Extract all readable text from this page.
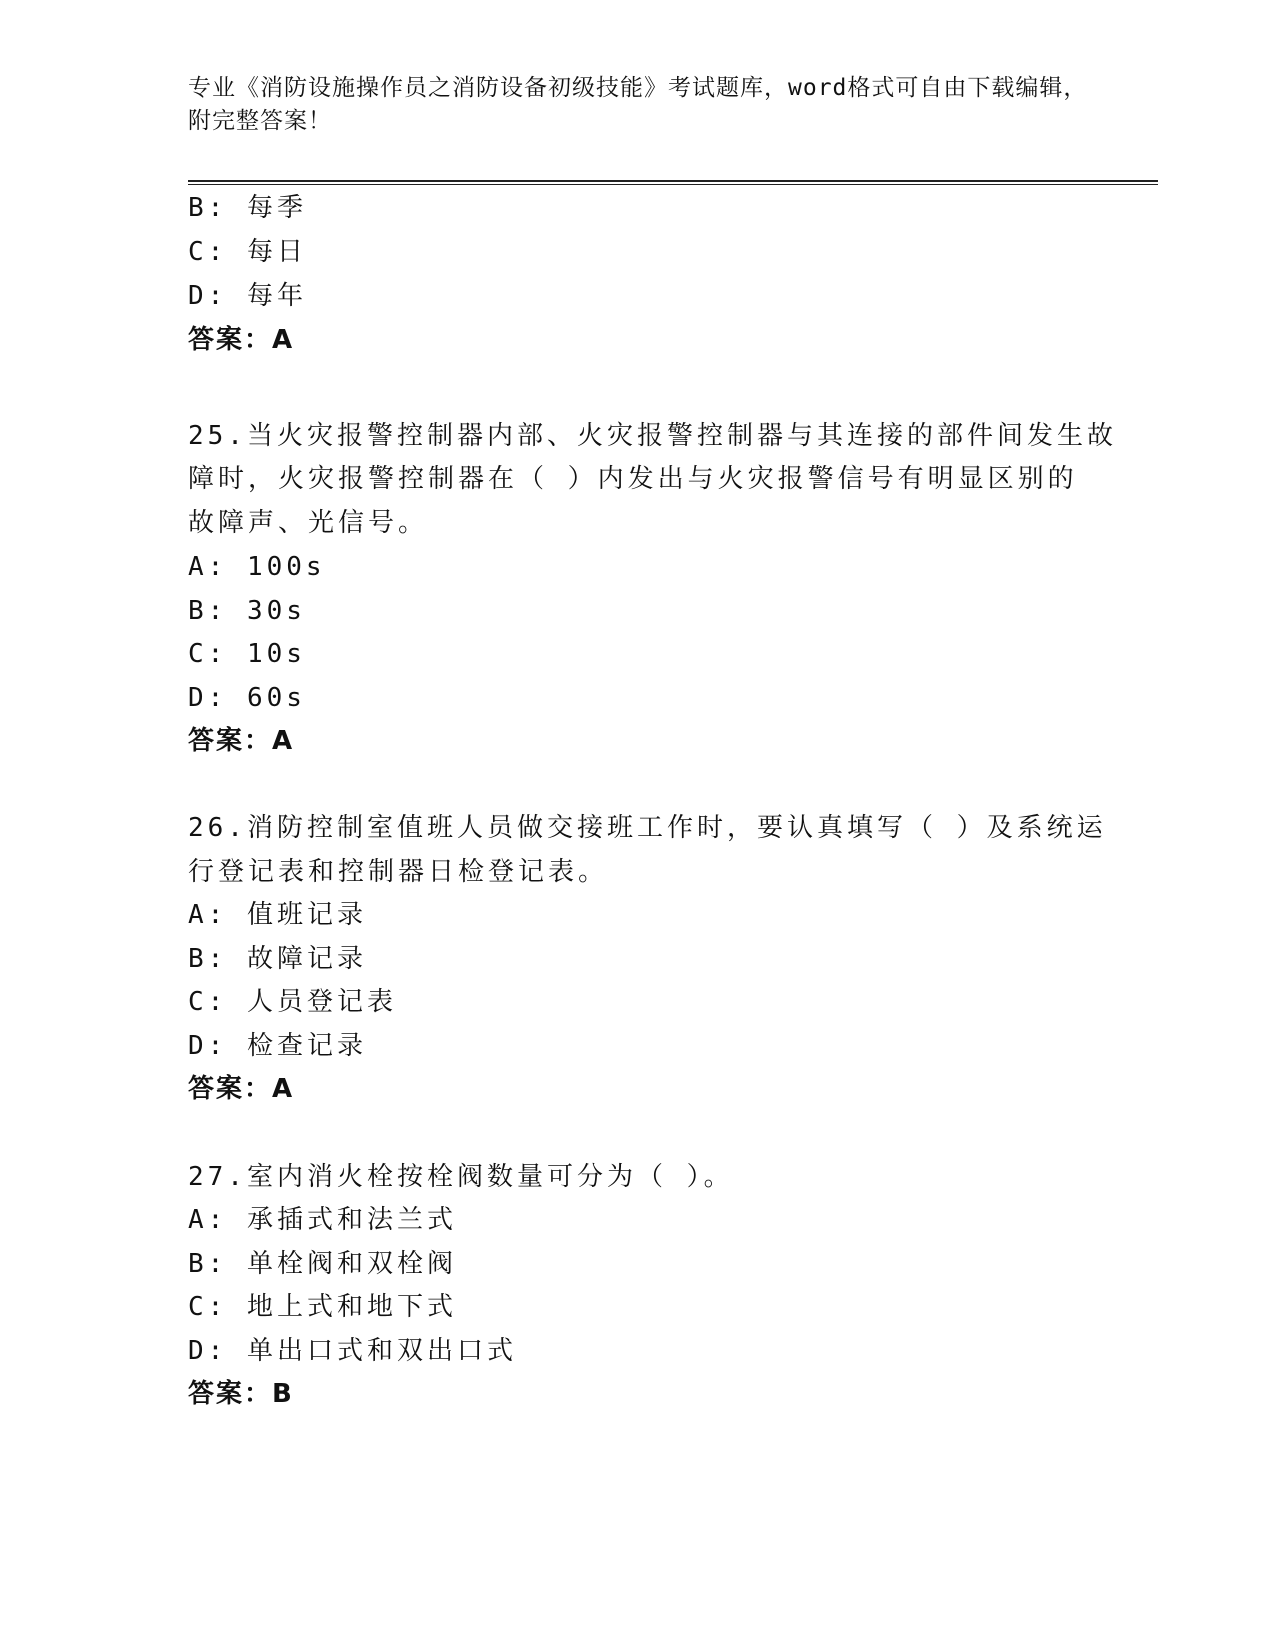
专业《消防设施操作员之消防设备初级技能》考试题库，word格式可自由下载编辑，附完整答案！
B: 每季
C: 每日
D: 每年
答案：A
25.当火灾报警控制器内部、火灾报警控制器与其连接的部件间发生故
障时，火灾报警控制器在（ ）内发出与火灾报警信号有明显区别的
故障声、光信号。
A: 100s
B: 30s
C: 10s
D: 60s
答案：A
26.消防控制室值班人员做交接班工作时，要认真填写（ ）及系统运
行登记表和控制器日检登记表。
A: 值班记录
B: 故障记录
C: 人员登记表
D: 检查记录
答案：A
27.室内消火栓按栓阀数量可分为（ ）。
A: 承插式和法兰式
B: 单栓阀和双栓阀
C: 地上式和地下式
D: 单出口式和双出口式
答案：B
